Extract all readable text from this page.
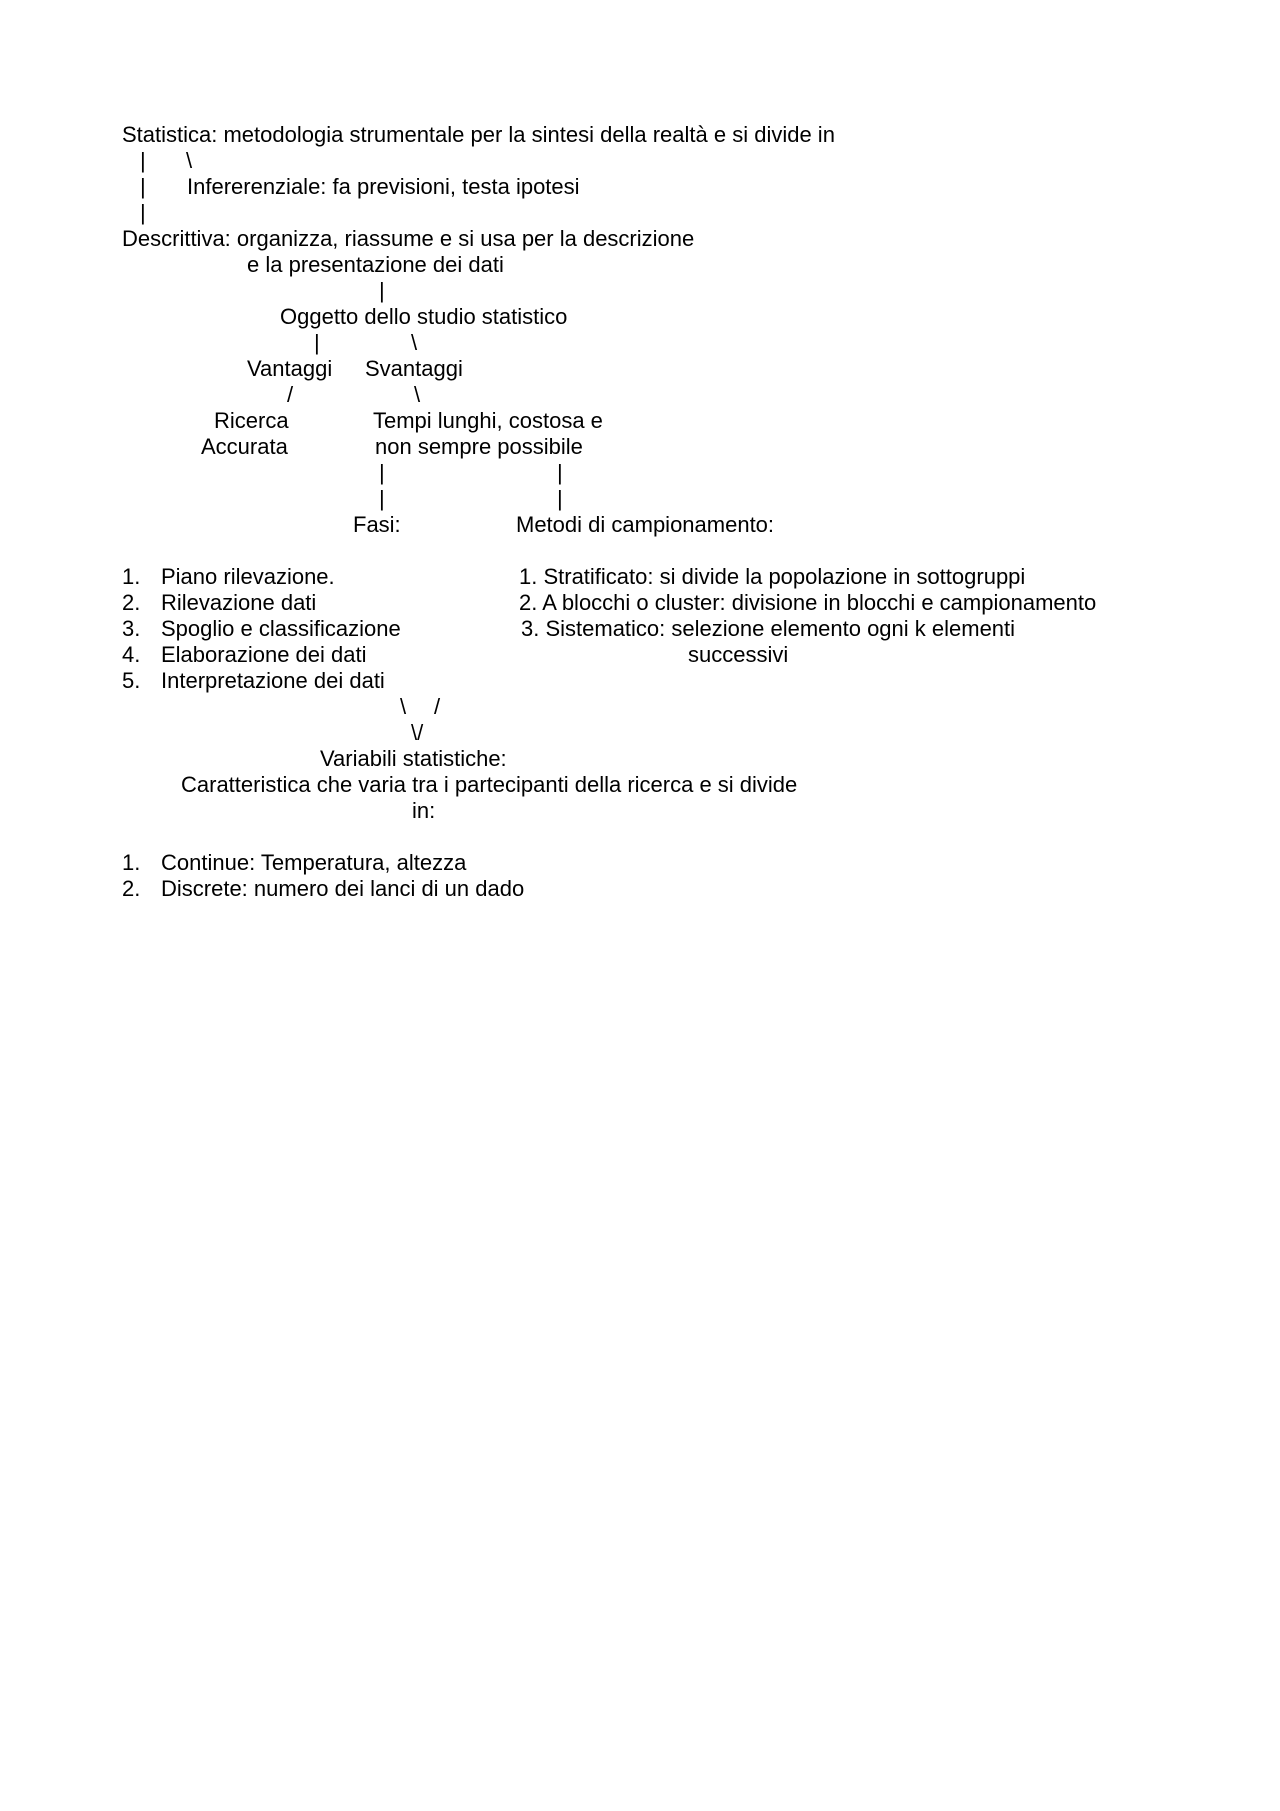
Statistica: metodologia strumentale per la sintesi della realtà e si divide in

| \

| Infererenziale: fa previsioni, testa ipotesi

|

Descrittiva: organizza, riassume e si usa per la descrizione

e la presentazione dei dati

|

Oggetto dello studio statistico

|	\

Vantaggi Svantaggi

/	\

Ricerca

Accurata

Tempi lunghi, costosa e

non sempre possibile

|	|

|	|

Fasi:	Metodi di campionamento:

1. Piano rilevazione.

2. Rilevazione dati

3. Spoglio e classificazione

4. Elaborazione dei dati

5. Interpretazione dei dati

1. Stratificato: si divide la popolazione in sottogruppi

2. A blocchi o cluster: divisione in blocchi e campionamento

3. Sistematico: selezione elemento ogni k elementi

successivi

\ /

\/

Variabili statistiche:

Caratteristica che varia tra i partecipanti della ricerca e si divide

in:

1. Continue: Temperatura, altezza

2. Discrete: numero dei lanci di un dado
